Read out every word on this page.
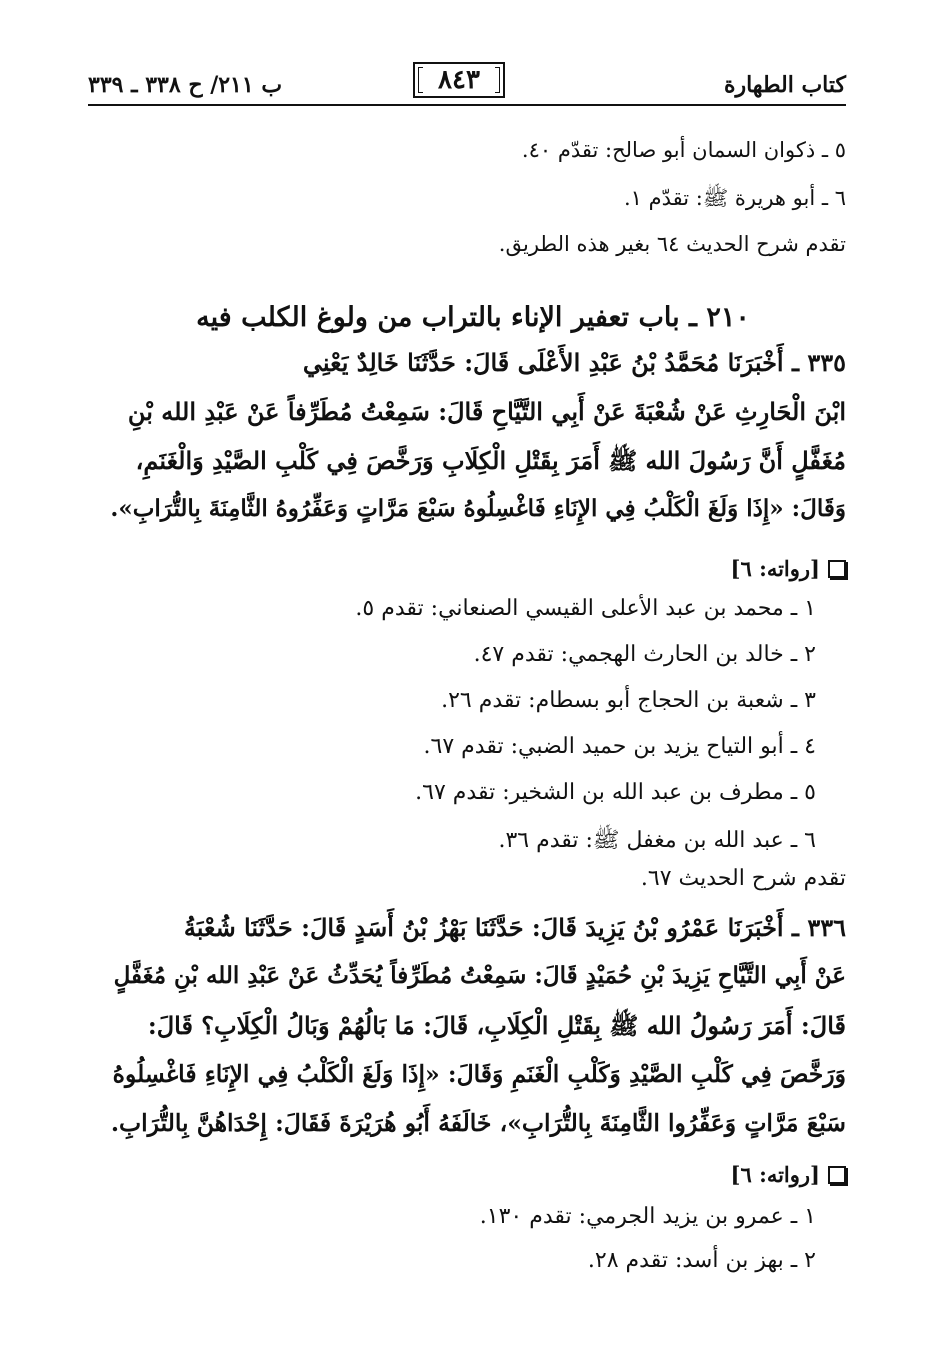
كتاب الطهارة
٨٤٣
ب ٢١١/ ح ٣٣٨ ـ ٣٣٩
٥ ـ ذكوان السمان أبو صالح: تقدّم ٤٠.
٦ ـ أبو هريرة ﷺ: تقدّم ١.
تقدم شرح الحديث ٦٤ بغير هذه الطريق.
٢١٠ ـ باب تعفير الإناء بالتراب من ولوغ الكلب فيه
٣٣٥ ـ أَخْبَرَنَا مُحَمَّدُ بْنُ عَبْدِ الأَعْلَى قَالَ: حَدَّثَنَا خَالِدٌ يَعْنِي
ابْنَ الْحَارِثِ عَنْ شُعْبَةَ عَنْ أَبِي التَّيَّاحِ قَالَ: سَمِعْتُ مُطَرِّفاً عَنْ عَبْدِ الله بْنِ
مُغَفَّلٍ أَنَّ رَسُولَ الله ﷺ أَمَرَ بِقَتْلِ الْكِلَابِ وَرَخَّصَ فِي كَلْبِ الصَّيْدِ وَالْغَنَمِ،
وَقَالَ: «إِذَا وَلَغَ الْكَلْبُ فِي الإِنَاءِ فَاغْسِلُوهُ سَبْعَ مَرَّاتٍ وَعَفِّرُوهُ الثَّامِنَةَ بِالتُّرَابِ».
[رواته: ٦]
١ ـ محمد بن عبد الأعلى القيسي الصنعاني: تقدم ٥.
٢ ـ خالد بن الحارث الهجمي: تقدم ٤٧.
٣ ـ شعبة بن الحجاج أبو بسطام: تقدم ٢٦.
٤ ـ أبو التياح يزيد بن حميد الضبي: تقدم ٦٧.
٥ ـ مطرف بن عبد الله بن الشخير: تقدم ٦٧.
٦ ـ عبد الله بن مغفل ﷺ: تقدم ٣٦.
تقدم شرح الحديث ٦٧.
٣٣٦ ـ أَخْبَرَنَا عَمْرُو بْنُ يَزِيدَ قَالَ: حَدَّثَنَا بَهْزُ بْنُ أَسَدٍ قَالَ: حَدَّثَنَا شُعْبَةُ
عَنْ أَبِي التَّيَّاحِ يَزِيدَ بْنِ حُمَيْدٍ قَالَ: سَمِعْتُ مُطَرِّفاً يُحَدِّثُ عَنْ عَبْدِ الله بْنِ مُغَفَّلٍ
قَالَ: أَمَرَ رَسُولُ الله ﷺ بِقَتْلِ الْكِلَابِ، قَالَ: مَا بَالُهُمْ وَبَالُ الْكِلَابِ؟ قَالَ:
وَرَخَّصَ فِي كَلْبِ الصَّيْدِ وَكَلْبِ الْغَنَمِ وَقَالَ: «إِذَا وَلَغَ الْكَلْبُ فِي الإِنَاءِ فَاغْسِلُوهُ
سَبْعَ مَرَّاتٍ وَعَفِّرُوا الثَّامِنَةَ بِالتُّرَابِ»، خَالَفَهُ أَبُو هُرَيْرَةَ فَقَالَ: إِحْدَاهُنَّ بِالتُّرَابِ.
[رواته: ٦]
١ ـ عمرو بن يزيد الجرمي: تقدم ١٣٠.
٢ ـ بهز بن أسد: تقدم ٢٨.
